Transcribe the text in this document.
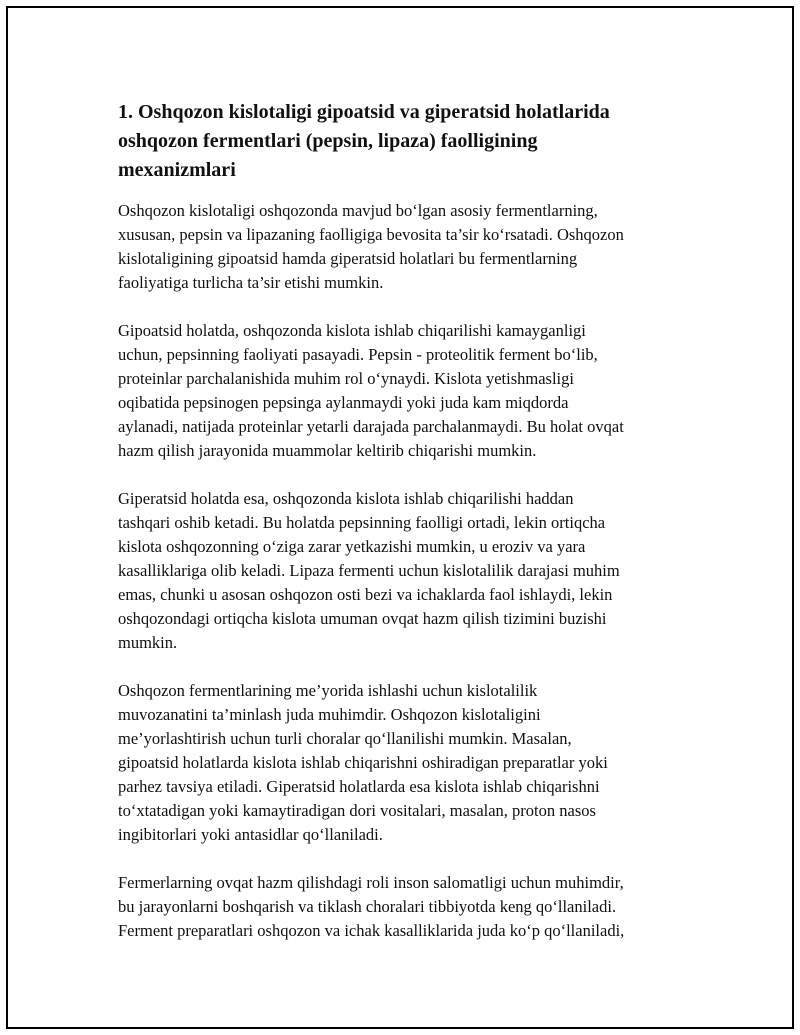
1. Oshqozon kislotaligi gipoatsid va giperatsid holatlarida
oshqozon fermentlari (pepsin, lipaza) faolligining
mexanizmlari

Oshqozon kislotaligi oshqozonda mavjud bo‘lgan asosiy fermentlarning,
xususan, pepsin va lipazaning faolligiga bevosita ta’sir ko‘rsatadi. Oshqozon
kislotaligining gipoatsid hamda giperatsid holatlari bu fermentlarning
faoliyatiga turlicha ta’sir etishi mumkin.

Gipoatsid holatda, oshqozonda kislota ishlab chiqarilishi kamayganligi
uchun, pepsinning faoliyati pasayadi. Pepsin - proteolitik ferment bo‘lib,
proteinlar parchalanishida muhim rol o‘ynaydi. Kislota yetishmasligi
oqibatida pepsinogen pepsinga aylanmaydi yoki juda kam miqdorda
aylanadi, natijada proteinlar yetarli darajada parchalanmaydi. Bu holat ovqat
hazm qilish jarayonida muammolar keltirib chiqarishi mumkin.

Giperatsid holatda esa, oshqozonda kislota ishlab chiqarilishi haddan
tashqari oshib ketadi. Bu holatda pepsinning faolligi ortadi, lekin ortiqcha
kislota oshqozonning o‘ziga zarar yetkazishi mumkin, u eroziv va yara
kasalliklariga olib keladi. Lipaza fermenti uchun kislotalilik darajasi muhim
emas, chunki u asosan oshqozon osti bezi va ichaklarda faol ishlaydi, lekin
oshqozondagi ortiqcha kislota umuman ovqat hazm qilish tizimini buzishi
mumkin.

Oshqozon fermentlarining me’yorida ishlashi uchun kislotalilik
muvozanatini ta’minlash juda muhimdir. Oshqozon kislotaligini
me’yorlashtirish uchun turli choralar qo‘llanilishi mumkin. Masalan,
gipoatsid holatlarda kislota ishlab chiqarishni oshiradigan preparatlar yoki
parhez tavsiya etiladi. Giperatsid holatlarda esa kislota ishlab chiqarishni
to‘xtatadigan yoki kamaytiradigan dori vositalari, masalan, proton nasos
ingibitorlari yoki antasidlar qo‘llaniladi.

Fermerlarning ovqat hazm qilishdagi roli inson salomatligi uchun muhimdir,
bu jarayonlarni boshqarish va tiklash choralari tibbiyotda keng qo‘llaniladi.
Ferment preparatlari oshqozon va ichak kasalliklarida juda ko‘p qo‘llaniladi,
